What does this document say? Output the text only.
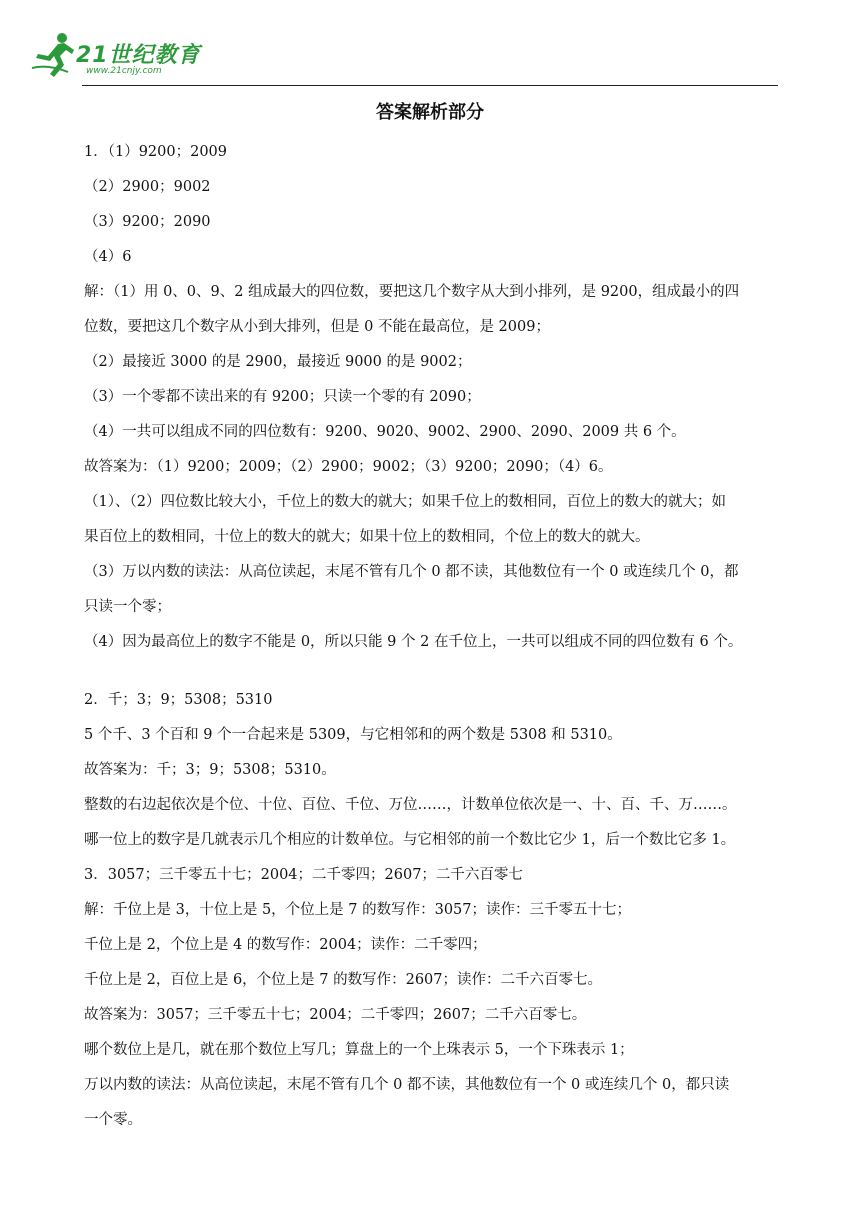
21世纪教育
www.21cnjy.com
答案解析部分
1．（1）9200；2009
（2）2900；9002
（3）9200；2090
（4）6
解：（1）用 0、0、9、2 组成最大的四位数，要把这几个数字从大到小排列，是 9200，组成最小的四
位数，要把这几个数字从小到大排列，但是 0 不能在最高位，是 2009；
（2）最接近 3000 的是 2900，最接近 9000 的是 9002；
（3）一个零都不读出来的有 9200；只读一个零的有 2090；
（4）一共可以组成不同的四位数有：9200、9020、9002、2900、2090、2009 共 6 个。
故答案为：（1）9200；2009；（2）2900；9002；（3）9200；2090；（4）6。
（1）、（2）四位数比较大小，千位上的数大的就大；如果千位上的数相同，百位上的数大的就大；如
果百位上的数相同，十位上的数大的就大；如果十位上的数相同，个位上的数大的就大。
（3）万以内数的读法：从高位读起，末尾不管有几个 0 都不读，其他数位有一个 0 或连续几个 0，都
只读一个零；
（4）因为最高位上的数字不能是 0，所以只能 9 个 2 在千位上，一共可以组成不同的四位数有 6 个。
2．千；3；9；5308；5310
5 个千、3 个百和 9 个一合起来是 5309，与它相邻和的两个数是 5308 和 5310。
故答案为：千；3；9；5308；5310。
整数的右边起依次是个位、十位、百位、千位、万位……，计数单位依次是一、十、百、千、万……。
哪一位上的数字是几就表示几个相应的计数单位。与它相邻的前一个数比它少 1，后一个数比它多 1。
3．3057；三千零五十七；2004；二千零四；2607；二千六百零七
解：千位上是 3，十位上是 5，个位上是 7 的数写作：3057；读作：三千零五十七；
千位上是 2，个位上是 4 的数写作：2004；读作：二千零四；
千位上是 2，百位上是 6，个位上是 7 的数写作：2607；读作：二千六百零七。
故答案为：3057；三千零五十七；2004；二千零四；2607；二千六百零七。
哪个数位上是几，就在那个数位上写几；算盘上的一个上珠表示 5，一个下珠表示 1；
万以内数的读法：从高位读起，末尾不管有几个 0 都不读，其他数位有一个 0 或连续几个 0，都只读
一个零。
